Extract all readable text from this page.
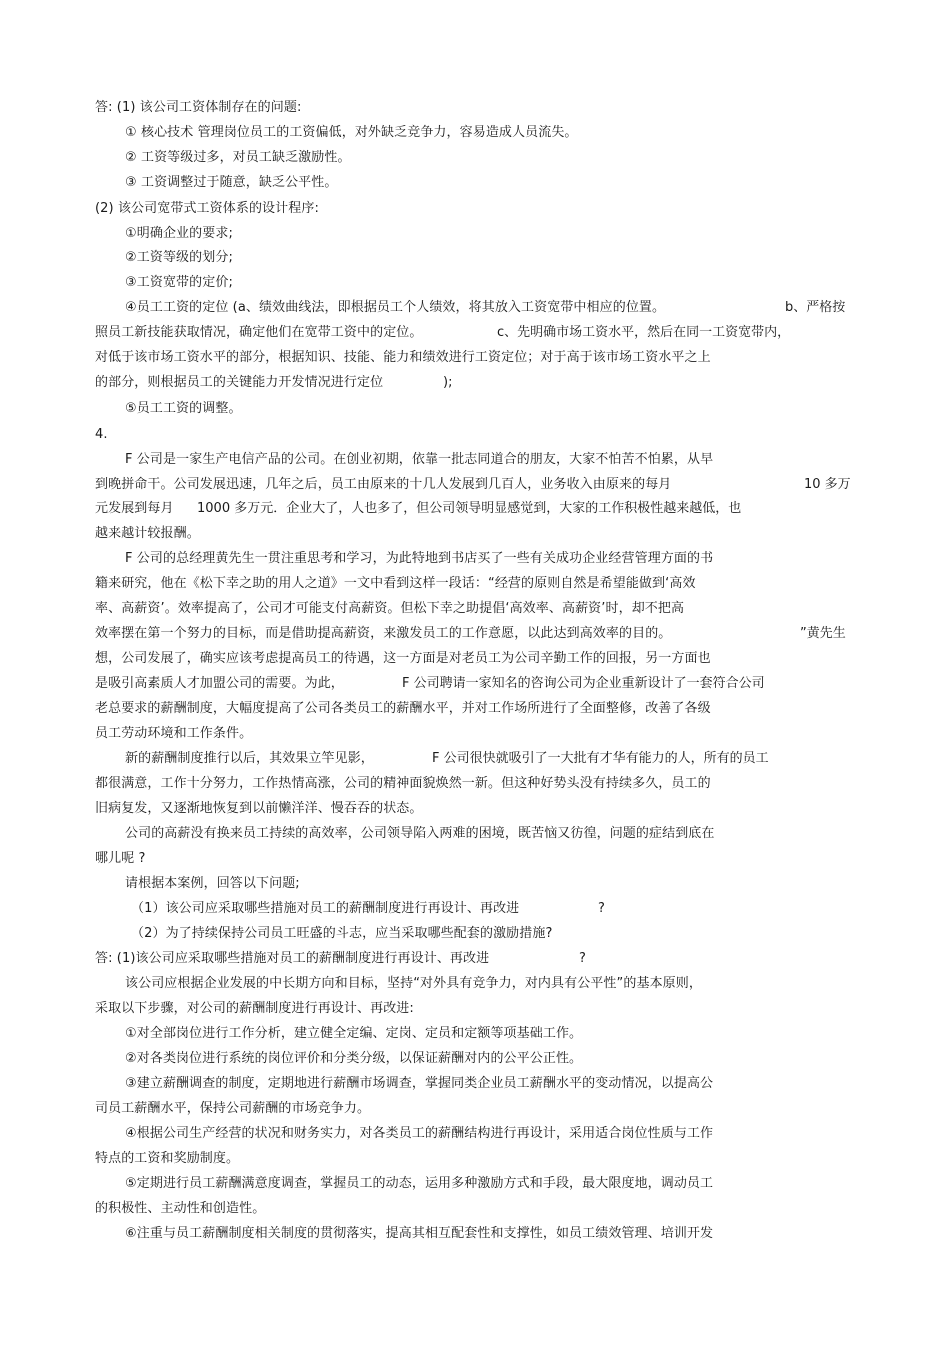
答: (1) 该公司工资体制存在的问题:
① 核心技术 管理岗位员工的工资偏低，对外缺乏竞争力，容易造成人员流失。
② 工资等级过多，对员工缺乏激励性。
③ 工资调整过于随意，缺乏公平性。
(2) 该公司宽带式工资体系的设计程序:
①明确企业的要求;
②工资等级的划分;
③工资宽带的定价;
④员工工资的定位 (a、绩效曲线法，即根据员工个人绩效，将其放入工资宽带中相应的位置。	b、严格按
照员工新技能获取情况，确定他们在宽带工资中的定位。	c、先明确市场工资水平，然后在同一工资宽带内，
对低于该市场工资水平的部分，根据知识、技能、能力和绩效进行工资定位；对于高于该市场工资水平之上
的部分，则根据员工的关键能力开发情况进行定位	);
⑤员工工资的调整。
4.
F 公司是一家生产电信产品的公司。在创业初期，依靠一批志同道合的朋友，大家不怕苦不怕累，从早
到晚拼命干。公司发展迅速，几年之后，员工由原来的十几人发展到几百人，业务收入由原来的每月	10 多万
元发展到每月 1000 多万元．企业大了，人也多了，但公司领导明显感觉到，大家的工作积极性越来越低，也
越来越计较报酬。
F 公司的总经理黄先生一贯注重思考和学习，为此特地到书店买了一些有关成功企业经营管理方面的书
籍来研究，他在《松下幸之助的用人之道》一文中看到这样一段话：“经营的原则自然是希望能做到‘高效
率、高薪资’。效率提高了，公司才可能支付高薪资。但松下幸之助提倡‘高效率、高薪资’时，却不把高
效率摆在第一个努力的目标，而是借助提高薪资，来激发员工的工作意愿，以此达到高效率的目的。	”黄先生
想，公司发展了，确实应该考虑提高员工的待遇，这一方面是对老员工为公司辛勤工作的回报，另一方面也
是吸引高素质人才加盟公司的需要。为此，	F 公司聘请一家知名的咨询公司为企业重新设计了一套符合公司
老总要求的薪酬制度，大幅度提高了公司各类员工的薪酬水平，并对工作场所进行了全面整修，改善了各级
员工劳动环境和工作条件。
新的薪酬制度推行以后，其效果立竿见影，	F 公司很快就吸引了一大批有才华有能力的人，所有的员工
都很满意，工作十分努力，工作热情高涨，公司的精神面貌焕然一新。但这种好势头没有持续多久，员工的
旧病复发，又逐渐地恢复到以前懒洋洋、慢吞吞的状态。
公司的高薪没有换来员工持续的高效率，公司领导陷入两难的困境，既苦恼又彷徨，问题的症结到底在
哪儿呢 ?
请根据本案例，回答以下问题;
（1）该公司应采取哪些措施对员工的薪酬制度进行再设计、再改进	?
（2）为了持续保持公司员工旺盛的斗志，应当采取哪些配套的激励措施?
答: (1)该公司应采取哪些措施对员工的薪酬制度进行再设计、再改进	?
该公司应根据企业发展的中长期方向和目标，坚持“对外具有竞争力，对内具有公平性”的基本原则，
采取以下步骤，对公司的薪酬制度进行再设计、再改进:
①对全部岗位进行工作分析，建立健全定编、定岗、定员和定额等项基础工作。
②对各类岗位进行系统的岗位评价和分类分级，以保证薪酬对内的公平公正性。
③建立薪酬调查的制度，定期地进行薪酬市场调查，掌握同类企业员工薪酬水平的变动情况，以提高公
司员工薪酬水平，保持公司薪酬的市场竞争力。
④根据公司生产经营的状况和财务实力，对各类员工的薪酬结构进行再设计，采用适合岗位性质与工作
特点的工资和奖励制度。
⑤定期进行员工薪酬满意度调查，掌握员工的动态，运用多种激励方式和手段，最大限度地，调动员工
的积极性、主动性和创造性。
⑥注重与员工薪酬制度相关制度的贯彻落实，提高其相互配套性和支撑性，如员工绩效管理、培训开发
